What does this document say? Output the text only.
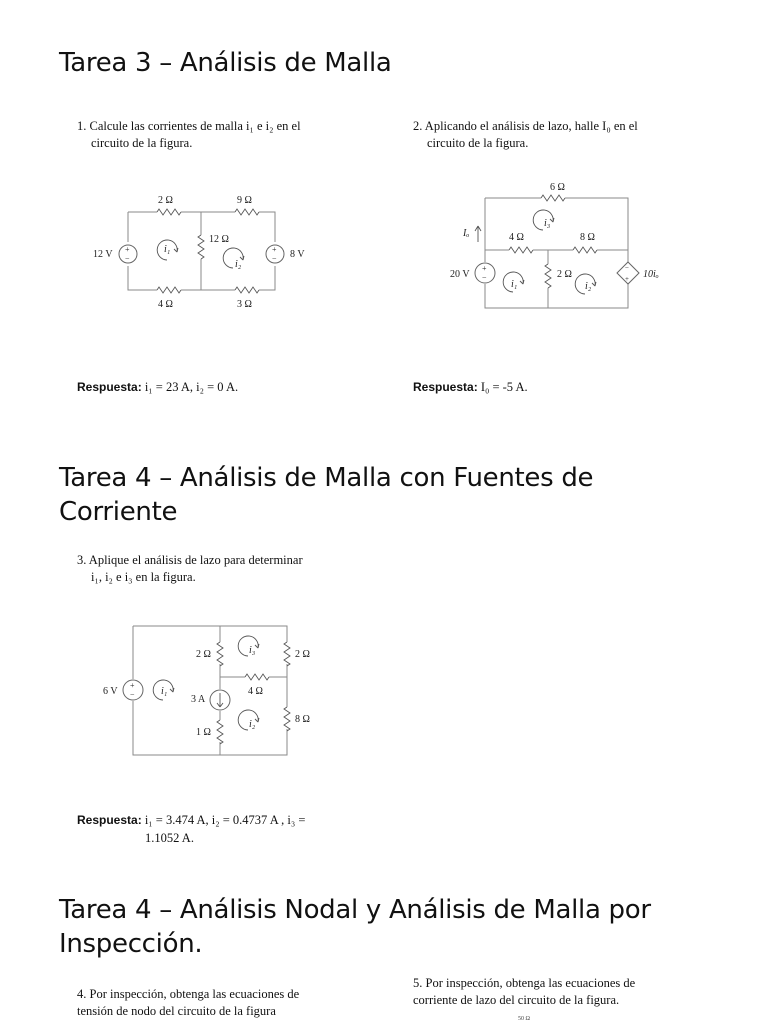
Tarea 3 – Análisis de Malla
Tarea 4 – Análisis de Malla con Fuentes de
Corriente
Tarea 4 – Análisis Nodal y Análisis de Malla por
Inspección.
1. Calcule las corrientes de malla i₁ e i₂ en el
circuito de la figura.
+
−
+
−
2 Ω	9 Ω
12 Ω
4 Ω	3 Ω
12 V	8 V
i₁
i₂
Respuesta: i₁ = 23 A, i₂ = 0 A.
2. Aplicando el análisis de lazo, halle I₀ en el
circuito de la figura.
+
−
−
+
6 Ω
4 Ω	8 Ω
2 Ω
20 V	10iₒ
Iₒ
i₁	i₂
i₃
Respuesta: I₀ = -5 A.
3. Aplique el análisis de lazo para determinar
i₁, i₂ e i₃ en la figura.
+
−
2 Ω	2 Ω
4 Ω
1 Ω
8 Ω
6 V
3 A
i₁
i₂
i₃
Respuesta: i₁ = 3.474 A, i₂ = 0.4737 A , i₃ =
1.1052 A.
4. Por inspección, obtenga las ecuaciones de
tensión de nodo del circuito de la figura
5. Por inspección, obtenga las ecuaciones de
corriente de lazo del circuito de la figura.
50 Ω
